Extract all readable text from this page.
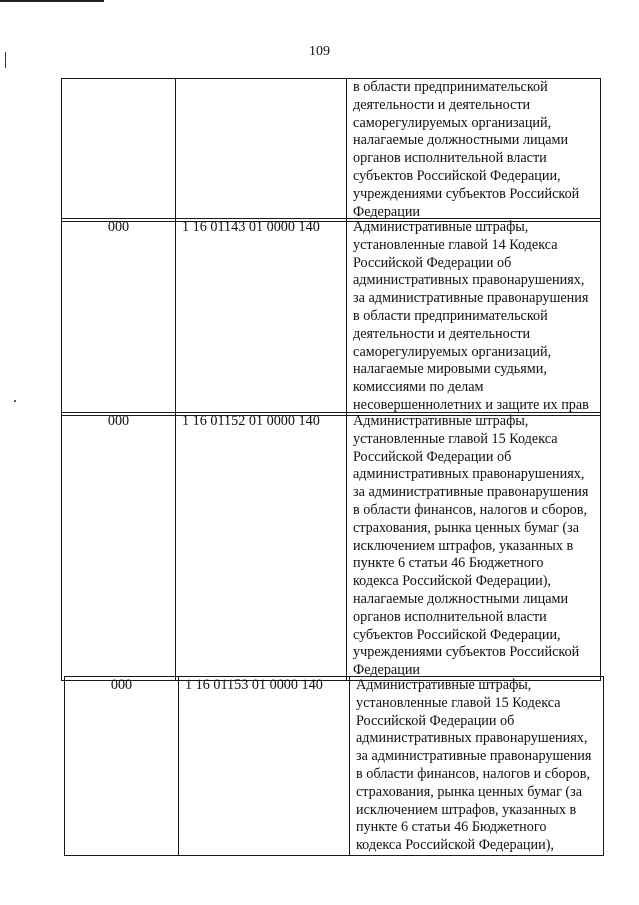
109

в области предпринимательской
деятельности и деятельности
саморегулируемых организаций,
налагаемые должностными лицами
органов исполнительной власти
субъектов Российской Федерации,
учреждениями субъектов Российской
Федерации
000	1 16 01143 01 0000 140	Административные штрафы,
установленные главой 14 Кодекса
Российской Федерации об
административных правонарушениях,
за административные правонарушения
в области предпринимательской
деятельности и деятельности
саморегулируемых организаций,
налагаемые мировыми судьями,
комиссиями по делам
несовершеннолетних и защите их прав
000	1 16 01152 01 0000 140	Административные штрафы,
установленные главой 15 Кодекса
Российской Федерации об
административных правонарушениях,
за административные правонарушения
в области финансов, налогов и сборов,
страхования, рынка ценных бумаг (за
исключением штрафов, указанных в
пункте 6 статьи 46 Бюджетного
кодекса Российской Федерации),
налагаемые должностными лицами
органов исполнительной власти
субъектов Российской Федерации,
учреждениями субъектов Российской
Федерации
000	1 16 01153 01 0000 140	Административные штрафы,
установленные главой 15 Кодекса
Российской Федерации об
административных правонарушениях,
за административные правонарушения
в области финансов, налогов и сборов,
страхования, рынка ценных бумаг (за
исключением штрафов, указанных в
пункте 6 статьи 46 Бюджетного
кодекса Российской Федерации),
